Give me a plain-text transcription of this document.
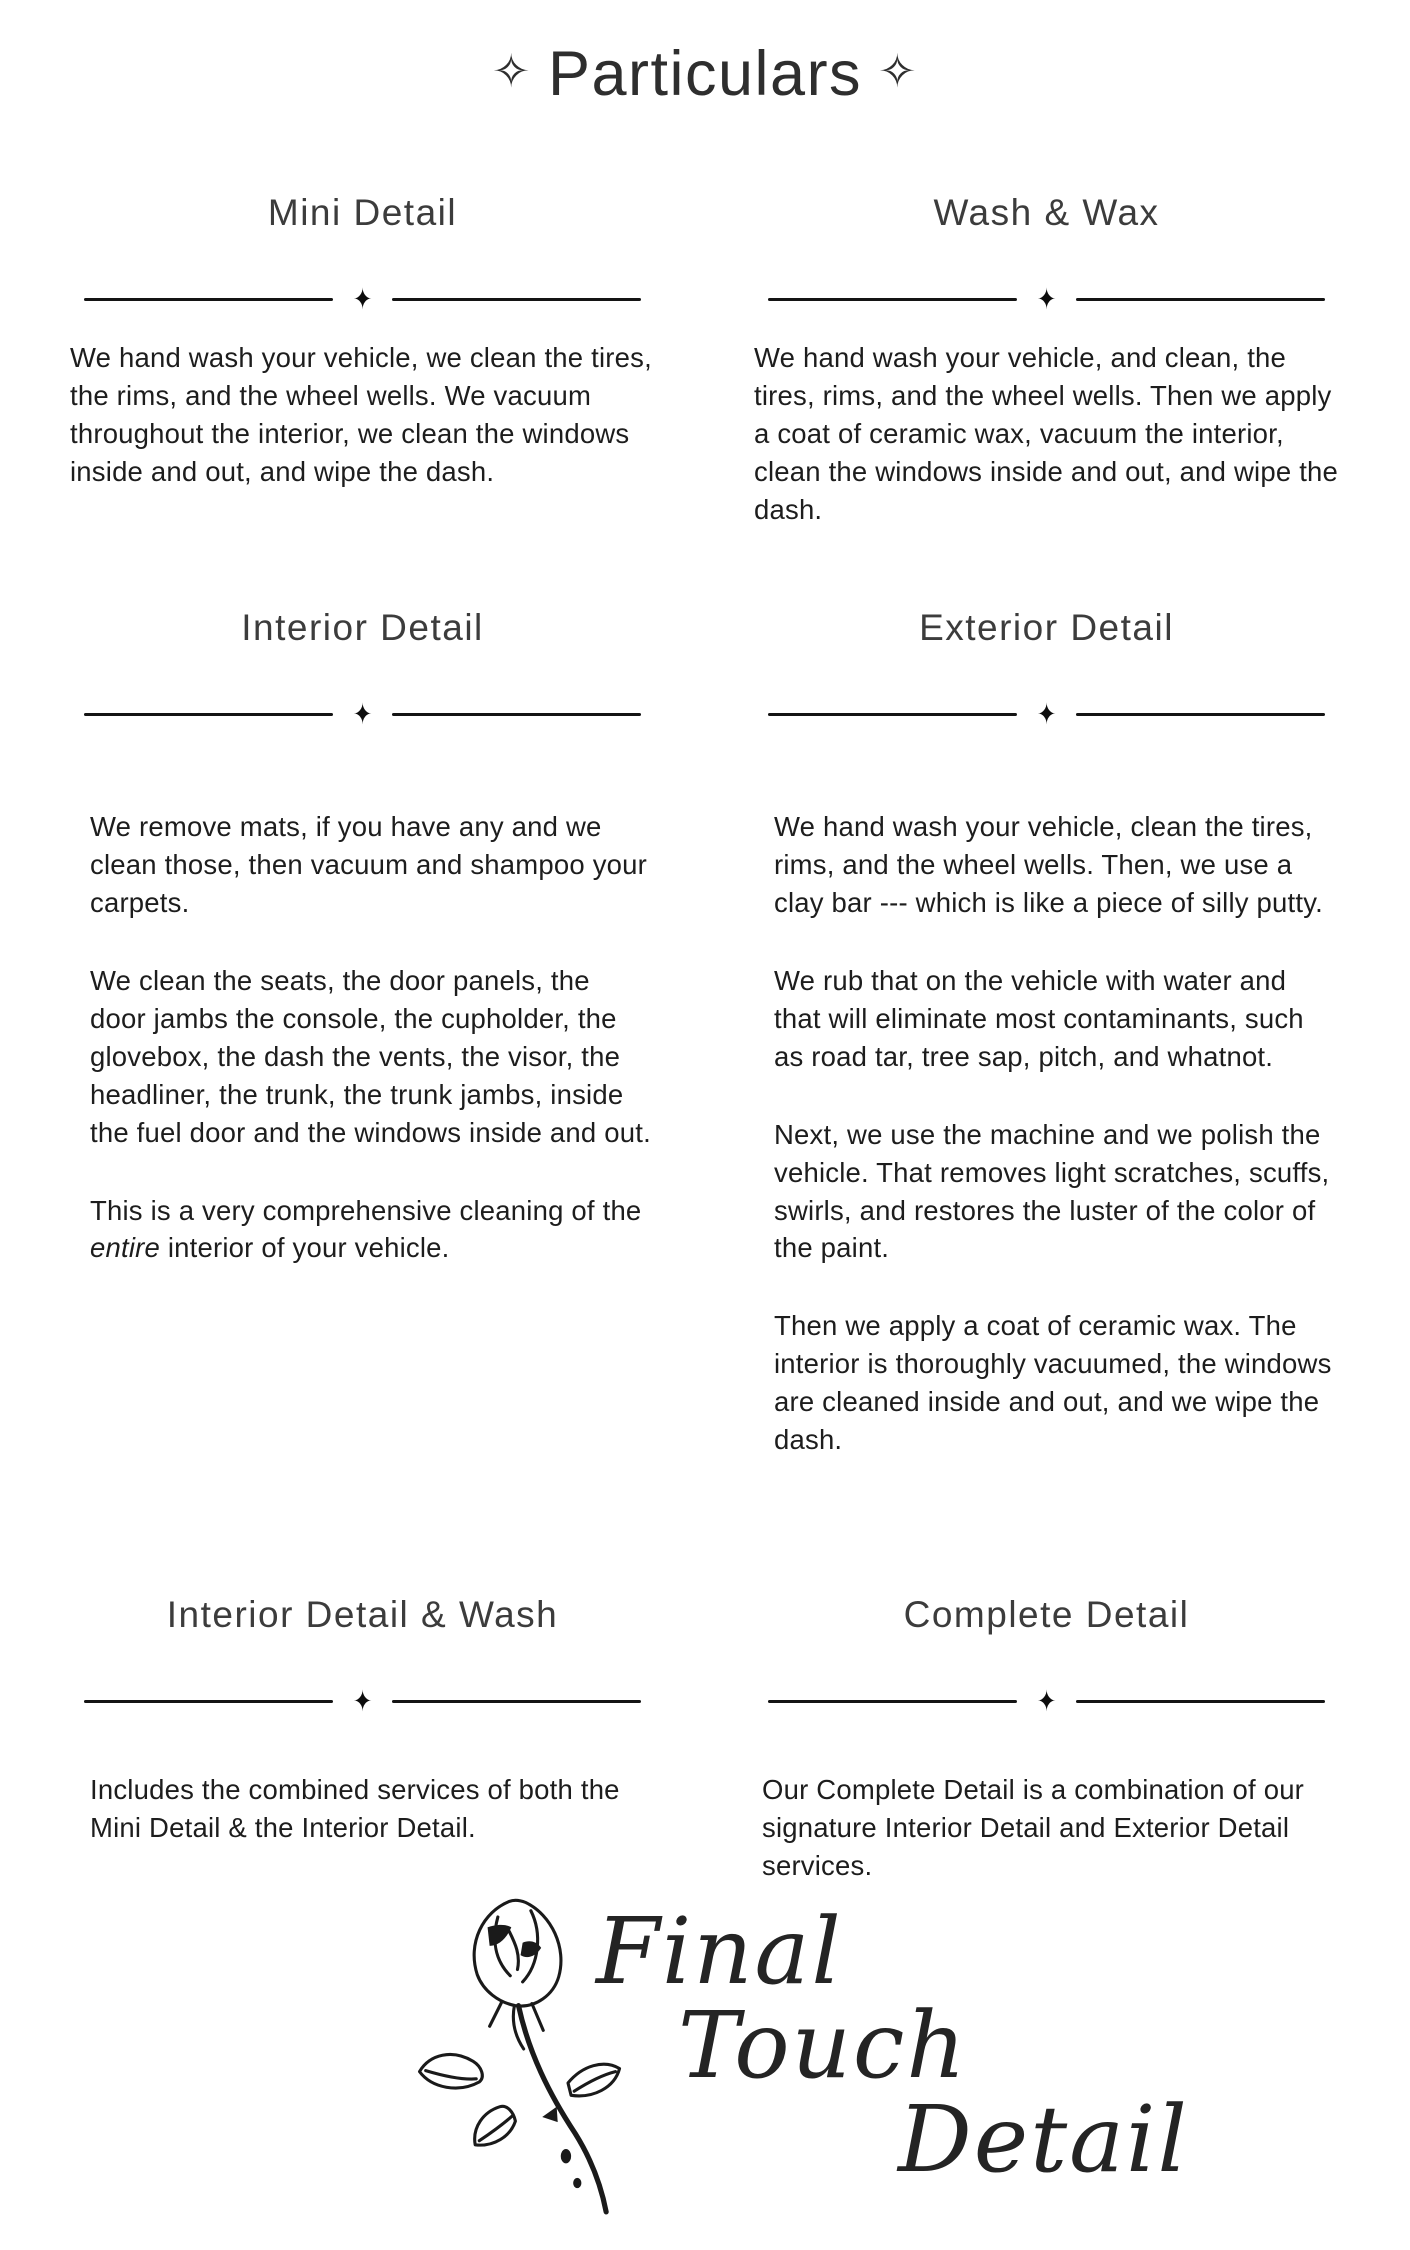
✧ Particulars ✧
Mini Detail
✦

We hand wash your vehicle, we clean the tires, the rims, and the wheel wells. We vacuum throughout the interior, we clean the windows inside and out, and wipe the dash.

Wash & Wax
✦

We hand wash your vehicle, and clean, the tires, rims, and the wheel wells. Then we apply a coat of ceramic wax, vacuum the interior, clean the windows inside and out, and wipe the dash.

Interior Detail
✦

We remove mats, if you have any and we clean those, then vacuum and shampoo your carpets.

We clean the seats, the door panels, the door jambs the console, the cupholder, the glovebox, the dash the vents, the visor, the headliner, the trunk, the trunk jambs, inside the fuel door and the windows inside and out.

This is a very comprehensive cleaning of the entire interior of your vehicle.

Exterior Detail
✦

We hand wash your vehicle, clean the tires, rims, and the wheel wells. Then, we use a clay bar --- which is like a piece of silly putty.

We rub that on the vehicle with water and that will eliminate most contaminants, such as road tar, tree sap, pitch, and whatnot.

Next, we use the machine and we polish the vehicle. That removes light scratches, scuffs, swirls, and restores the luster of the color of the paint.

Then we apply a coat of ceramic wax. The interior is thoroughly vacuumed, the windows are cleaned inside and out, and we wipe the dash.

Interior Detail & Wash
✦

Includes the combined services of both the Mini Detail & the Interior Detail.

Complete Detail
✦

Our Complete Detail is a combination of our signature Interior Detail and Exterior Detail services.

Final
Touch
Detail
